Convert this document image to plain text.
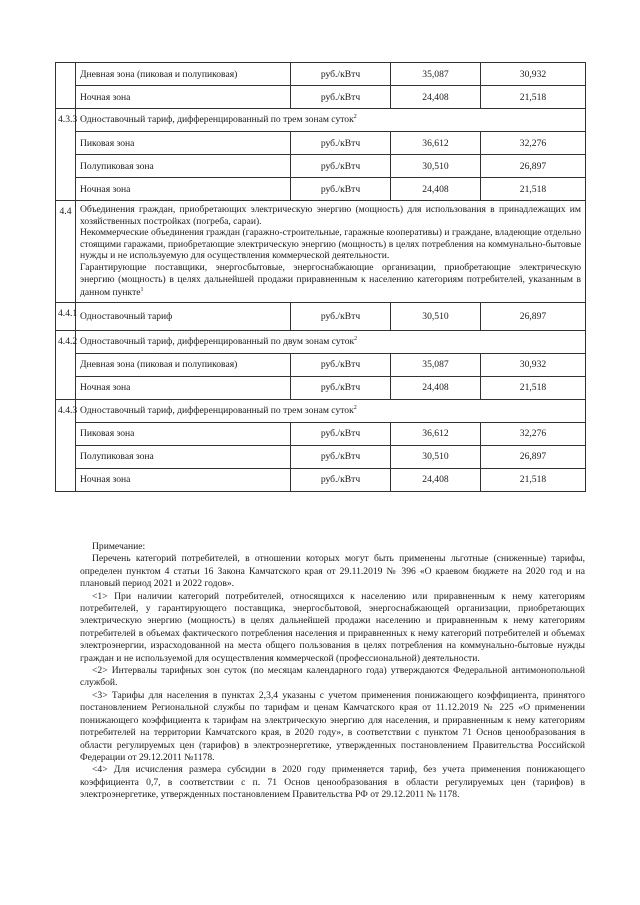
	Дневная зона (пиковая и полупиковая)	руб./кВтч	35,087	30,932
	Ночная зона	руб./кВтч	24,408	21,518
4.3.3	Одноставочный тариф, дифференцированный по трем зонам суток$^2$
	Пиковая зона	руб./кВтч	36,612	32,276
	Полупиковая зона	руб./кВтч	30,510	26,897
	Ночная зона	руб./кВтч	24,408	21,518
4.4	Объединения граждан, приобретающих электрическую энергию (мощность) для использования в принадлежащих им хозяйственных постройках (погреба, сараи).
Некоммерческие объединения граждан (гаражно-строительные, гаражные кооперативы) и граждане, владеющие отдельно стоящими гаражами, приобретающие электрическую энергию (мощность) в целях потребления на коммунально-бытовые нужды и не используемую для осуществления коммерческой деятельности.
Гарантирующие поставщики, энергосбытовые, энергоснабжающие организации, приобретающие электрическую энергию (мощность) в целях дальнейшей продажи приравненным к населению категориям потребителей, указанным в данном пункте$^1$

4.4.1	Одноставочный тариф	руб./кВтч	30,510	26,897
4.4.2	Одноставочный тариф, дифференцированный по двум зонам суток$^2$
	Дневная зона (пиковая и полупиковая)	руб./кВтч	35,087	30,932
	Ночная зона	руб./кВтч	24,408	21,518
4.4.3	Одноставочный тариф, дифференцированный по трем зонам суток$^2$
	Пиковая зона	руб./кВтч	36,612	32,276
	Полупиковая зона	руб./кВтч	30,510	26,897
	Ночная зона	руб./кВтч	24,408	21,518

Примечание:

Перечень категорий потребителей, в отношении которых могут быть применены льготные (сниженные) тарифы, определен пунктом 4 статьи 16 Закона Камчатского края от 29.11.2019 № 396 «О краевом бюджете на 2020 год и на плановый период 2021 и 2022 годов».

<1> При наличии категорий потребителей, относящихся к населению или приравненным к нему категориям потребителей, у гарантирующего поставщика, энергосбытовой, энергоснабжающей организации, приобретающих электрическую энергию (мощность) в целях дальнейшей продажи населению и приравненным к нему категориям потребителей в объемах фактического потребления населения и приравненных к нему категорий потребителей и объемах электроэнергии, израсходованной на места общего пользования в целях потребления на коммунально-бытовые нужды граждан и не используемой для осуществления коммерческой (профессиональной) деятельности.

<2> Интервалы тарифных зон суток (по месяцам календарного года) утверждаются Федеральной антимонопольной службой.

<3> Тарифы для населения в пунктах 2,3,4 указаны с учетом применения понижающего коэффициента, принятого постановлением Региональной службы по тарифам и ценам Камчатского края от 11.12.2019 № 225 «О применении понижающего коэффициента к тарифам на электрическую энергию для населения, и приравненным к нему категориям потребителей на территории Камчатского края, в 2020 году», в соответствии с пунктом 71 Основ ценообразования в области регулируемых цен (тарифов) в электроэнергетике, утвержденных постановлением Правительства Российской Федерации от 29.12.2011 №1178.

<4> Для исчисления размера субсидии в 2020 году применяется тариф, без учета применения понижающего коэффициента 0,7, в соответствии с п. 71 Основ ценообразования в области регулируемых цен (тарифов) в электроэнергетике, утвержденных постановлением Правительства РФ от 29.12.2011 № 1178.
